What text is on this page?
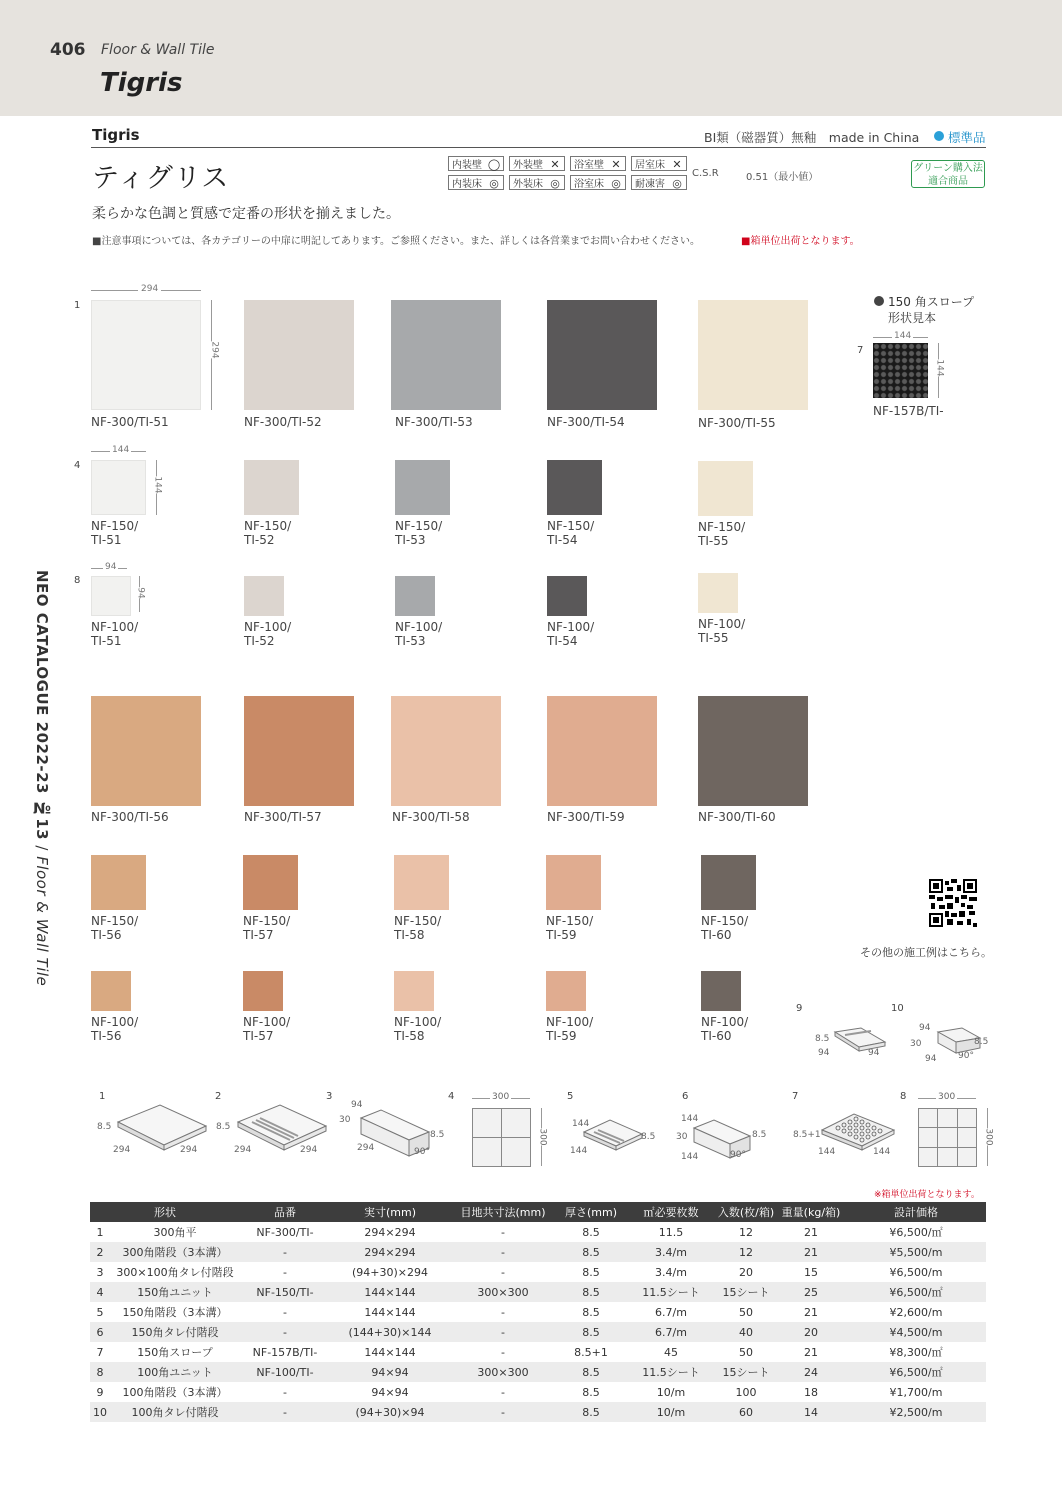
406 Floor & Wall Tile
Tigris
Tigris	BⅠ類（磁器質）無釉　made in China 標準品
ティグリス	内装壁 ◯	外装壁 ✕	浴室壁 ✕	居室床 ✕
内装床 ◎	外装床 ◎	浴室床 ◎	耐凍害 ◎
C.S.R	0.51（最小値）
グリーン購入法 適合商品
柔らかな色調と質感で定番の形状を揃えました。
■注意事項については、各カテゴリーの中扉に明記してあります。ご参照ください。また、詳しくは各営業までお問い合わせください。	■箱単位出荷となります。
1
4
8
294
294
144
144
94
94
NF-300/TI-51	NF-300/TI-52	NF-300/TI-53	NF-300/TI-54	NF-300/TI-55
NF-150/
TI-51
NF-150/
TI-52
NF-150/
TI-53
NF-150/
TI-54
NF-150/
TI-55
NF-100/
TI-51
NF-100/
TI-52
NF-100/
TI-53
NF-100/
TI-54
NF-100/
TI-55
150 角スロープ
形状見本
7
144
144
NF-157B/TI-
NF-300/TI-56	NF-300/TI-57	NF-300/TI-58	NF-300/TI-59	NF-300/TI-60
NF-150/
TI-56
NF-150/
TI-57
NF-150/
TI-58
NF-150/
TI-59
NF-150/
TI-60
NF-100/
TI-56
NF-100/
TI-57
NF-100/
TI-58
NF-100/
TI-59
NF-100/
TI-60
その他の施工例はこちら。
9	10
8.5
94	94
94
30	8.5
94 90°
1	2	3	4	5	6	7	8
8.5
294	294
8.5
294	294
94
30
8.5
294	90°
300
300
144
8.5
144
144
30	8.5
144	90°
8.5+1
144	144
300
300
※箱単位出荷となります。
形状		品番	実寸(mm)	目地共寸法(mm)	厚さ(mm)	㎡必要枚数	入数(枚/箱)	重量(kg/箱)	設計価格
1	300角平	NF-300/TI-	294×294	-	8.5	11.5	12	21	¥6,500/㎡
2	300角階段（3本溝）	-	294×294	-	8.5	3.4/m	12	21	¥5,500/m
3	300×100角タレ付階段	-	(94+30)×294	-	8.5	3.4/m	20	15	¥6,500/m
4	150角ユニット	NF-150/TI-	144×144	300×300	8.5	11.5シート	15シート	25	¥6,500/㎡
5	150角階段（3本溝）	-	144×144	-	8.5	6.7/m	50	21	¥2,600/m
6	150角タレ付階段	-	(144+30)×144	-	8.5	6.7/m	40	20	¥4,500/m
7	150角スロープ	NF-157B/TI-	144×144	-	8.5+1	45	50	21	¥8,300/㎡
8	100角ユニット	NF-100/TI-	94×94	300×300	8.5	11.5シート	15シート	24	¥6,500/㎡
9	100角階段（3本溝）	-	94×94	-	8.5	10/m	100	18	¥1,700/m
10	100角タレ付階段	-	(94+30)×94	-	8.5	10/m	60	14	¥2,500/m
NEO CATALOGUE 2022-23 №13 / Floor & Wall Tile
